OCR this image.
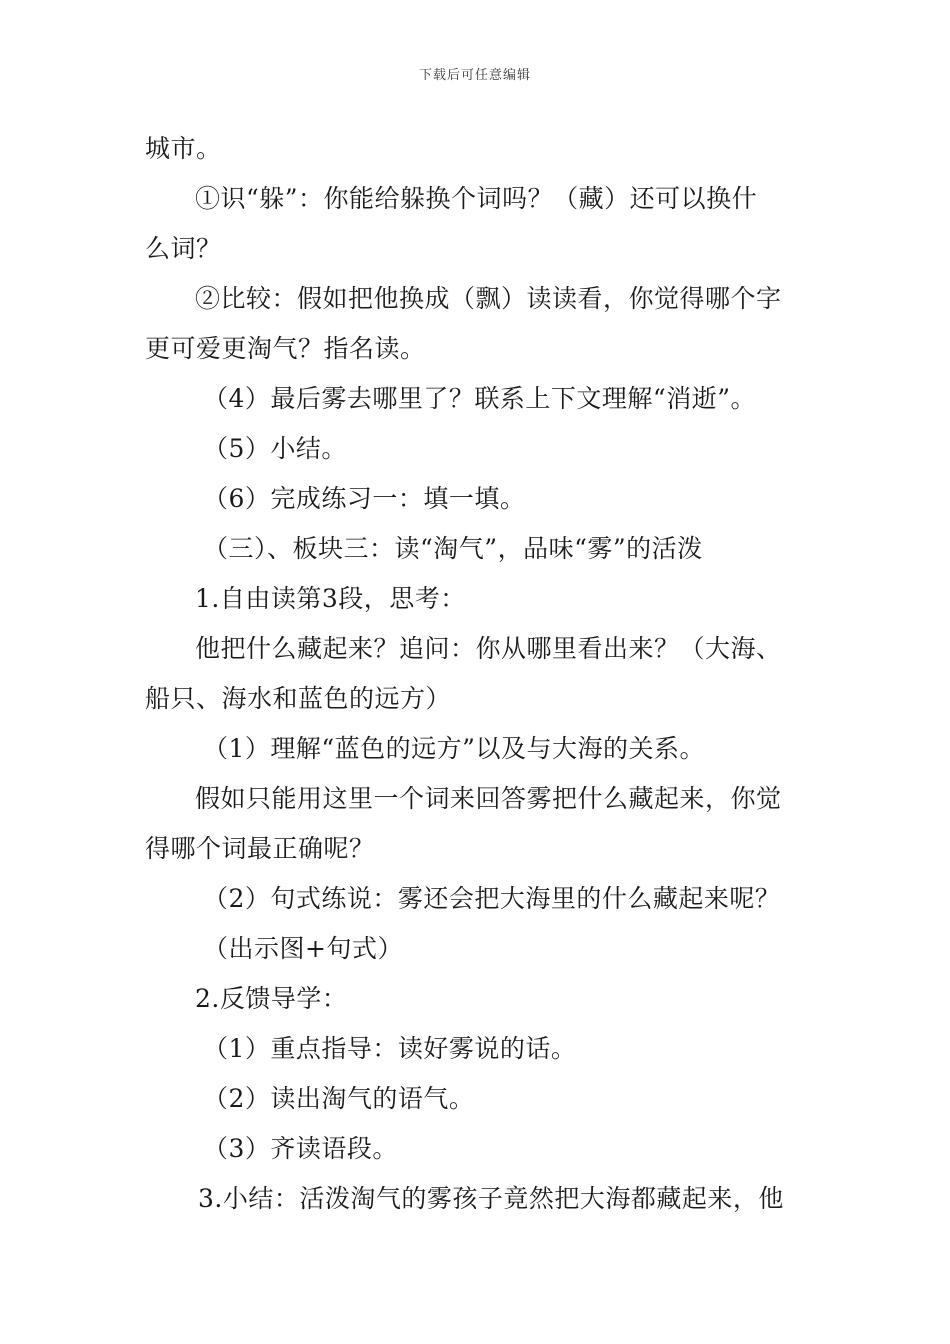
下载后可任意编辑
城市。
①识“躲”：你能给躲换个词吗？（藏）还可以换什
么词？
②比较：假如把他换成（飘）读读看，你觉得哪个字
更可爱更淘气？指名读。
（4）最后雾去哪里了？联系上下文理解“消逝”。
（5）小结。
（6）完成练习一：填一填。
（三）、板块三：读“淘气”，品味“雾”的活泼
1.自由读第3段，思考：
他把什么藏起来？追问：你从哪里看出来？（大海、
船只、海水和蓝色的远方）
（1）理解“蓝色的远方”以及与大海的关系。
假如只能用这里一个词来回答雾把什么藏起来，你觉
得哪个词最正确呢？
（2）句式练说：雾还会把大海里的什么藏起来呢？
（出示图+句式）
2.反馈导学：
（1）重点指导：读好雾说的话。
（2）读出淘气的语气。
（3）齐读语段。
3.小结：活泼淘气的雾孩子竟然把大海都藏起来，他
